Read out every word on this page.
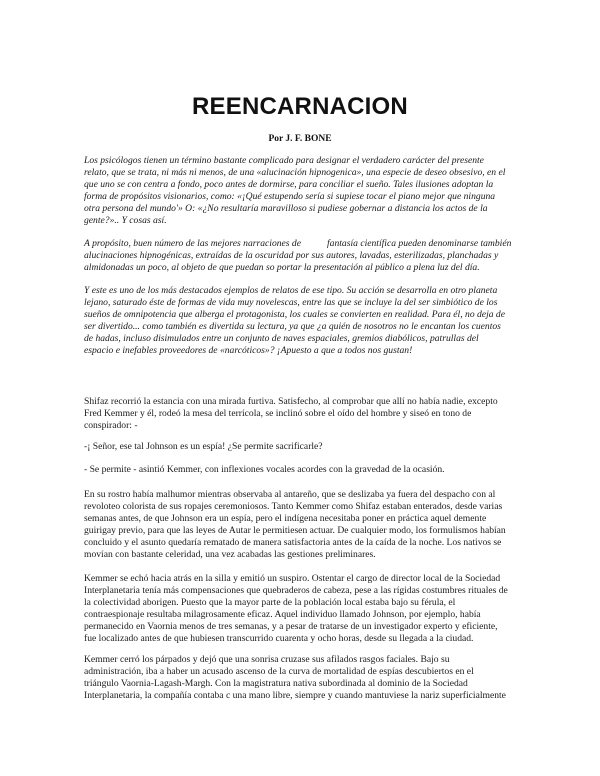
REENCARNACION
Por J. F. BONE

Los psicólogos tienen un término bastante complicado para designar el verdadero carácter del presente
relato, que se trata, ni más ni menos, de una «alucinación hipnogenica», una especie de deseo obsesivo, en el
que uno se con centra a fondo, poco antes de dormirse, para conciliar el sueño. Tales ilusiones adoptan la
forma de propósitos visionarios, como: «¡Qué estupendo sería si supiese tocar el piano mejor que ninguna
otra persona del mundo'» O: «¿No resultaría maravilloso si pudiese gobernar a distancia los actos de la
gente?».. Y cosas así.

A propósito, buen número de las mejores narraciones de	fantasía científica pueden denominarse también
alucinaciones hipnogénicas, extraídas de la oscuridad por sus autores, lavadas, esterilizadas, planchadas y
almidonadas un poco, al objeto de que puedan so portar la presentación al público a plena luz del día.

Y este es uno de los más destacados ejemplos de relatos de ese tipo. Su acción se desarrolla en otro planeta
lejano, saturado éste de formas de vida muy novelescas, entre las que se incluye la del ser simbiótico de los
sueños de omnipotencia que alberga el protagonista, los cuales se convierten en realidad. Para él, no deja de
ser divertido... como también es divertida su lectura, ya que ¿a quién de nosotros no le encantan los cuentos
de hadas, incluso disimulados entre un conjunto de naves espaciales, gremios diabólicos, patrullas del
espacio e inefables proveedores de «narcóticos»? ¡Apuesto a que a todos nos gustan!

Shifaz recorrió la estancia con una mirada furtiva. Satisfecho, al comprobar que allí no había nadie, excepto
Fred Kemmer y él, rodeó la mesa del terrícola, se inclinó sobre el oído del hombre y siseó en tono de
conspirador: -

-¡ Señor, ese tal Johnson es un espía! ¿Se permite sacrificarle?

- Se permite - asintió Kemmer, con inflexiones vocales acordes con la gravedad de la ocasión.

En su rostro había malhumor mientras observaba al antareño, que se deslizaba ya fuera del despacho con al
revoloteo colorista de sus ropajes ceremoniosos. Tanto Kemmer como Shifaz estaban enterados, desde varias
semanas antes, de que Johnson era un espía, pero el indígena necesitaba poner en práctica aquel demente
guirigay previo, para que las leyes de Autar le permitiesen actuar. De cualquier modo, los formulismos habían
concluido y el asunto quedaría rematado de manera satisfactoria antes de la caída de la noche. Los nativos se
movían con bastante celeridad, una vez acabadas las gestiones preliminares.

Kemmer se echó hacia atrás en la silla y emitió un suspiro. Ostentar el cargo de director local de la Sociedad
Interplanetaria tenía más compensaciones que quebraderos de cabeza, pese a las rígidas costumbres rituales de
la colectividad aborigen. Puesto que la mayor parte de la población local estaba bajo su férula, el
contraespionaje resultaba milagrosamente eficaz. Aquel individuo llamado Johnson, por ejemplo, había
permanecido en Vaornia menos de tres semanas, y a pesar de tratarse de un investigador experto y eficiente,
fue localizado antes de que hubiesen transcurrido cuarenta y ocho horas, desde su llegada a la ciudad.

Kemmer cerró los párpados y dejó que una sonrisa cruzase sus afilados rasgos faciales. Bajo su
administración, iba a haber un acusado ascenso de la curva de mortalidad de espías descubiertos en el
triángulo Vaornia-Lagash-Margh. Con la magistratura nativa subordinada al dominio de la Sociedad
Interplanetaria, la compañía contaba c una mano libre, siempre y cuando mantuviese la nariz superficialmente
